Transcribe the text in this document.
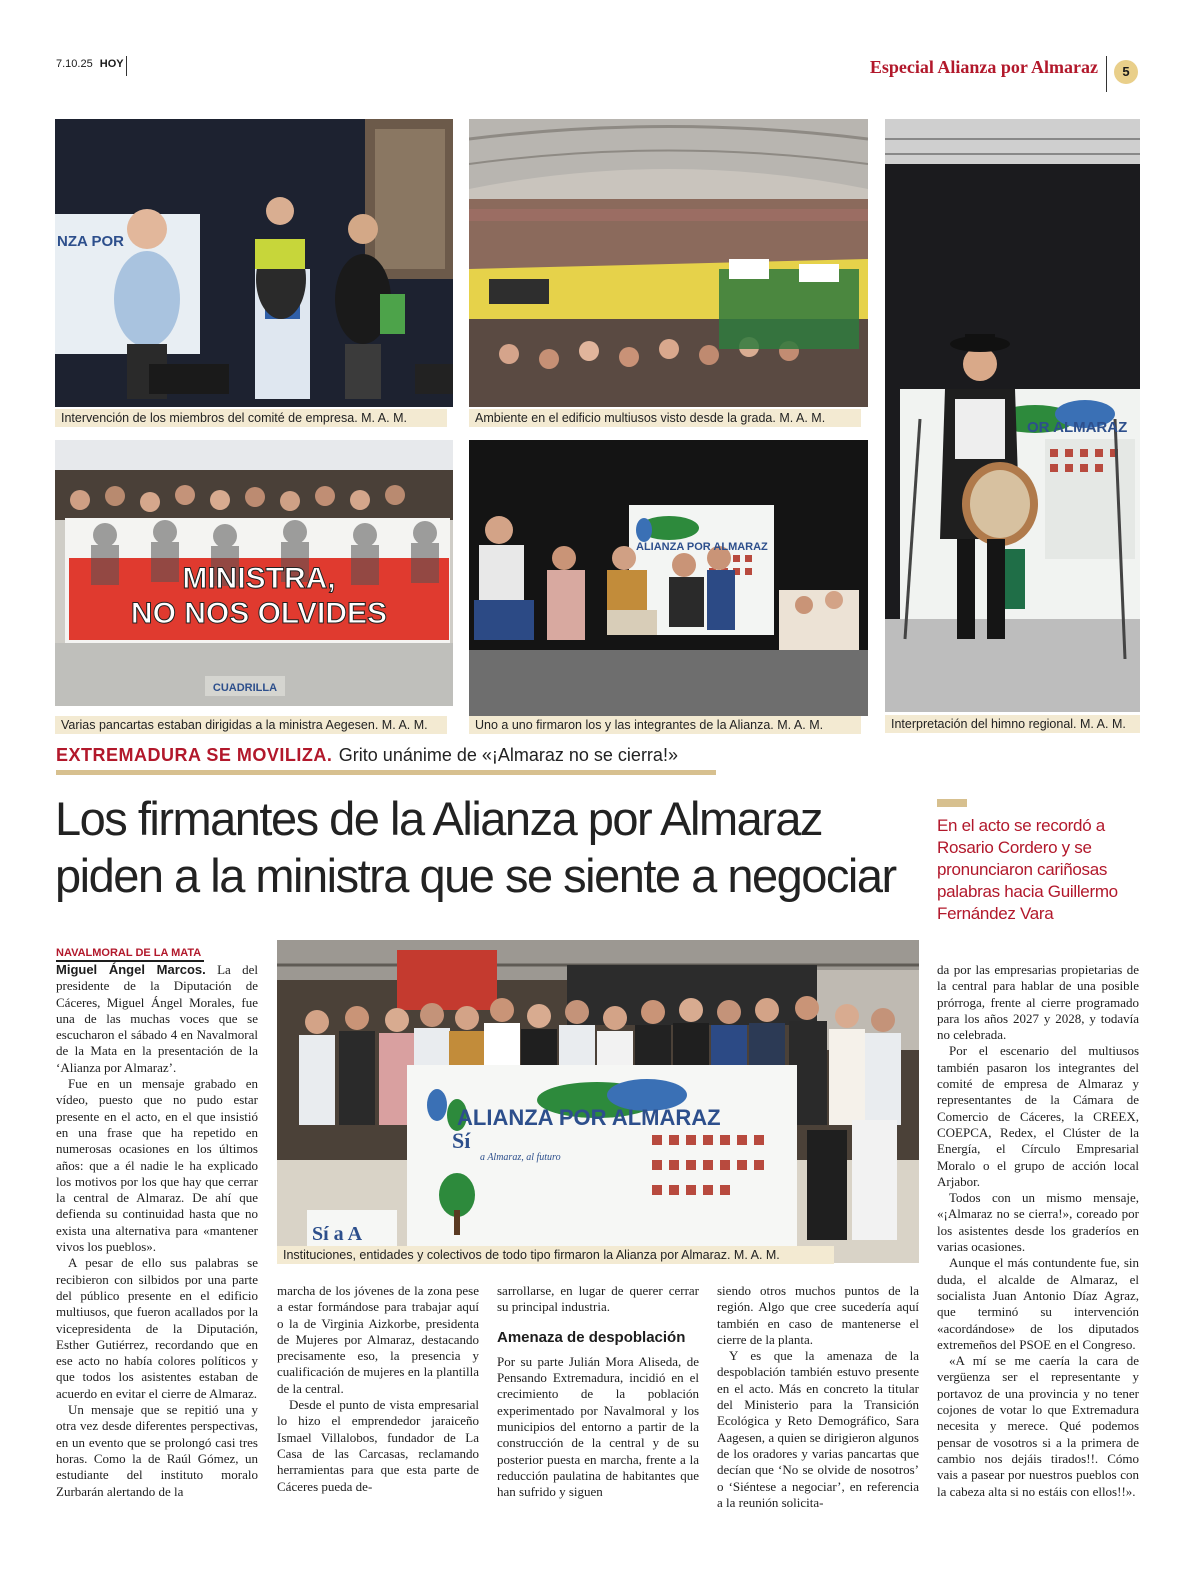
7.10.25 HOY	Especial Alianza por Almaraz	5
NZA POR
Intervención de los miembros del comité de empresa. M. A. M.	Ambiente en el edificio multiusos visto desde la grada. M. A. M.
OR ALMARAZ
Interpretación del himno regional. M. A. M.
MINISTRA,
NO NOS OLVIDES
CUADRILLA
Varias pancartas estaban dirigidas a la ministra Aegesen. M. A. M.
ALIANZA POR ALMARAZ
Uno a uno firmaron los y las integrantes de la Alianza. M. A. M.
EXTREMADURA SE MOVILIZA. Grito unánime de «¡Almaraz no se cierra!»
Los firmantes de la Alianza por Almaraz
piden a la ministra que se siente a negociar
En el acto se recordó a Rosario Cordero y se pronunciaron cariñosas palabras hacia Guillermo Fernández Vara
Sí
a Almaraz, al futuro
ALIANZA POR ALMARAZ
Sí a A
Instituciones, entidades y colectivos de todo tipo firmaron la Alianza por Almaraz. M. A. M.
NAVALMORAL DE LA MATA

Miguel Ángel Marcos. La del presidente de la Diputación de Cáceres, Miguel Ángel Morales, fue una de las muchas voces que se escucharon el sábado 4 en Navalmoral de la Mata en la presentación de la ‘Alianza por Almaraz’.

Fue en un mensaje grabado en vídeo, puesto que no pudo estar presente en el acto, en el que insistió en una frase que ha repetido en numerosas ocasiones en los últimos años: que a él nadie le ha explicado los motivos por los que hay que cerrar la central de Almaraz. De ahí que defienda su continuidad hasta que no exista una alternativa para «mantener vivos los pueblos».

A pesar de ello sus palabras se recibieron con silbidos por una parte del público presente en el edificio multiusos, que fueron acallados por la vicepresidenta de la Diputación, Esther Gutiérrez, recordando que en ese acto no había colores políticos y que todos los asistentes estaban de acuerdo en evitar el cierre de Almaraz.

Un mensaje que se repitió una y otra vez desde diferentes perspectivas, en un evento que se prolongó casi tres horas. Como la de Raúl Gómez, un estudiante del instituto moralo Zurbarán alertando de la

marcha de los jóvenes de la zona pese a estar formándose para trabajar aquí o la de Virginia Aizkorbe, presidenta de Mujeres por Almaraz, destacando precisamente eso, la presencia y cualificación de mujeres en la plantilla de la central.

Desde el punto de vista empresarial lo hizo el emprendedor jaraiceño Ismael Villalobos, fundador de La Casa de las Carcasas, reclamando herramientas para que esta parte de Cáceres pueda de-

sarrollarse, en lugar de querer cerrar su principal industria.

Amenaza de despoblación

Por su parte Julián Mora Aliseda, de Pensando Extremadura, incidió en el crecimiento de la población experimentado por Navalmoral y los municipios del entorno a partir de la construcción de la central y de su posterior puesta en marcha, frente a la reducción paulatina de habitantes que han sufrido y siguen

siendo otros muchos puntos de la región. Algo que cree sucedería aquí también en caso de mantenerse el cierre de la planta.

Y es que la amenaza de la despoblación también estuvo presente en el acto. Más en concreto la titular del Ministerio para la Transición Ecológica y Reto Demográfico, Sara Aagesen, a quien se dirigieron algunos de los oradores y varias pancartas que decían que ‘No se olvide de nosotros’ o ‘Siéntese a negociar’, en referencia a la reunión solicita-

da por las empresarias propietarias de la central para hablar de una posible prórroga, frente al cierre programado para los años 2027 y 2028, y todavía no celebrada.

Por el escenario del multiusos también pasaron los integrantes del comité de empresa de Almaraz y representantes de la Cámara de Comercio de Cáceres, la CREEX, COEPCA, Redex, el Clúster de la Energía, el Círculo Empresarial Moralo o el grupo de acción local Arjabor.

Todos con un mismo mensaje, «¡Almaraz no se cierra!», coreado por los asistentes desde los graderíos en varias ocasiones.

Aunque el más contundente fue, sin duda, el alcalde de Almaraz, el socialista Juan Antonio Díaz Agraz, que terminó su intervención «acordándose» de los diputados extremeños del PSOE en el Congreso.

«A mí se me caería la cara de vergüenza ser el representante y portavoz de una provincia y no tener cojones de votar lo que Extremadura necesita y merece. Qué podemos pensar de vosotros si a la primera de cambio nos dejáis tirados!!. Cómo vais a pasear por nuestros pueblos con la cabeza alta si no estáis con ellos!!».
